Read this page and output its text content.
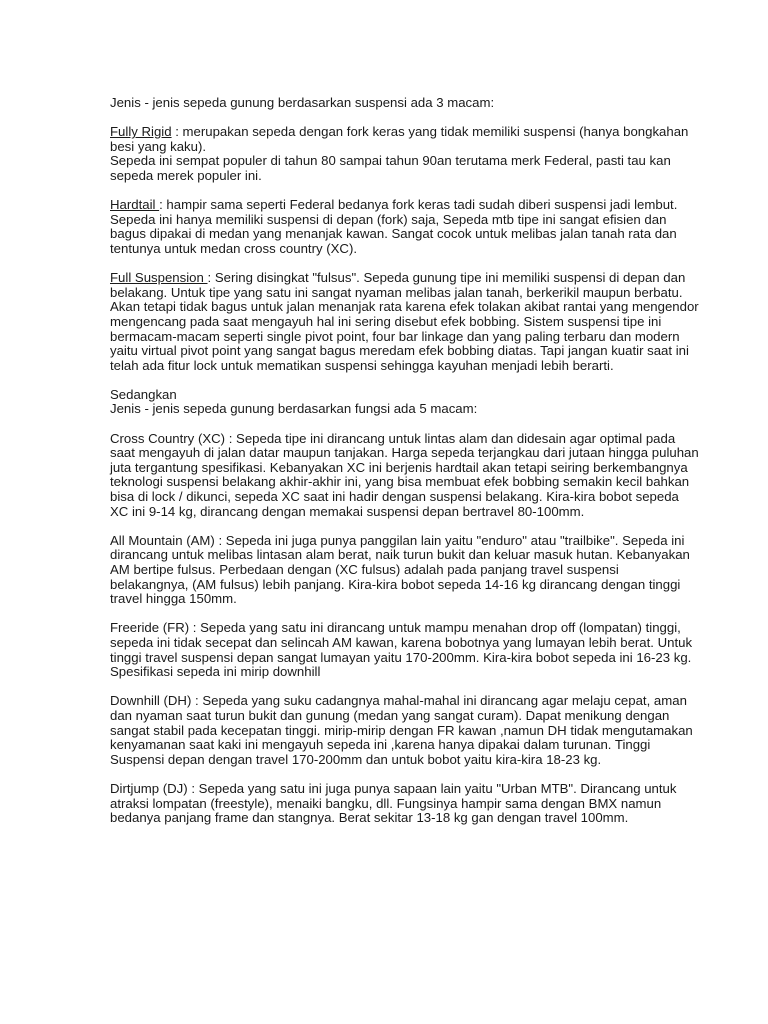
Jenis - jenis sepeda gunung berdasarkan suspensi ada 3 macam:

Fully Rigid : merupakan sepeda dengan fork keras yang tidak memiliki suspensi (hanya bongkahan besi yang kaku).
Sepeda ini sempat populer di tahun 80 sampai tahun 90an terutama merk Federal, pasti tau kan sepeda merek populer ini.

Hardtail : hampir sama seperti Federal bedanya fork keras tadi sudah diberi suspensi jadi lembut. Sepeda ini hanya memiliki suspensi di depan (fork) saja, Sepeda mtb tipe ini sangat efisien dan bagus dipakai di medan yang menanjak kawan. Sangat cocok untuk melibas jalan tanah rata dan tentunya untuk medan cross country (XC).

Full Suspension : Sering disingkat "fulsus". Sepeda gunung tipe ini memiliki suspensi di depan dan belakang. Untuk tipe yang satu ini sangat nyaman melibas jalan tanah, berkerikil maupun berbatu. Akan tetapi tidak bagus untuk jalan menanjak rata karena efek tolakan akibat rantai yang mengendor mengencang pada saat mengayuh hal ini sering disebut efek bobbing. Sistem suspensi tipe ini bermacam-macam seperti single pivot point, four bar linkage dan yang paling terbaru dan modern yaitu virtual pivot point yang sangat bagus meredam efek bobbing diatas. Tapi jangan kuatir saat ini telah ada fitur lock untuk mematikan suspensi sehingga kayuhan menjadi lebih berarti.

Sedangkan
Jenis - jenis sepeda gunung berdasarkan fungsi ada 5 macam:

Cross Country (XC) : Sepeda tipe ini dirancang untuk lintas alam dan didesain agar optimal pada saat mengayuh di jalan datar maupun tanjakan. Harga sepeda terjangkau dari jutaan hingga puluhan juta tergantung spesifikasi. Kebanyakan XC ini berjenis hardtail akan tetapi seiring berkembangnya teknologi suspensi belakang akhir-akhir ini, yang bisa membuat efek bobbing semakin kecil bahkan bisa di lock / dikunci, sepeda XC saat ini hadir dengan suspensi belakang. Kira-kira bobot sepeda XC ini 9-14 kg, dirancang dengan memakai suspensi depan bertravel 80-100mm.

All Mountain (AM) : Sepeda ini juga punya panggilan lain yaitu "enduro" atau "trailbike". Sepeda ini dirancang untuk melibas lintasan alam berat, naik turun bukit dan keluar masuk hutan. Kebanyakan AM bertipe fulsus. Perbedaan dengan (XC fulsus) adalah pada panjang travel suspensi belakangnya, (AM fulsus) lebih panjang. Kira-kira bobot sepeda 14-16 kg dirancang dengan tinggi travel hingga 150mm.

Freeride (FR) : Sepeda yang satu ini dirancang untuk mampu menahan drop off (lompatan) tinggi, sepeda ini tidak secepat dan selincah AM kawan, karena bobotnya yang lumayan lebih berat. Untuk tinggi travel suspensi depan sangat lumayan yaitu 170-200mm. Kira-kira bobot sepeda ini 16-23 kg. Spesifikasi sepeda ini mirip downhill

Downhill (DH) : Sepeda yang suku cadangnya mahal-mahal ini dirancang agar melaju cepat, aman dan nyaman saat turun bukit dan gunung (medan yang sangat curam). Dapat menikung dengan sangat stabil pada kecepatan tinggi. mirip-mirip dengan FR kawan ,namun DH tidak mengutamakan kenyamanan saat kaki ini mengayuh sepeda ini ,karena hanya dipakai dalam turunan. Tinggi Suspensi depan dengan travel 170-200mm dan untuk bobot yaitu kira-kira 18-23 kg.

Dirtjump (DJ) : Sepeda yang satu ini juga punya sapaan lain yaitu "Urban MTB". Dirancang untuk atraksi lompatan (freestyle), menaiki bangku, dll. Fungsinya hampir sama dengan BMX namun bedanya panjang frame dan stangnya. Berat sekitar 13-18 kg gan dengan travel 100mm.
